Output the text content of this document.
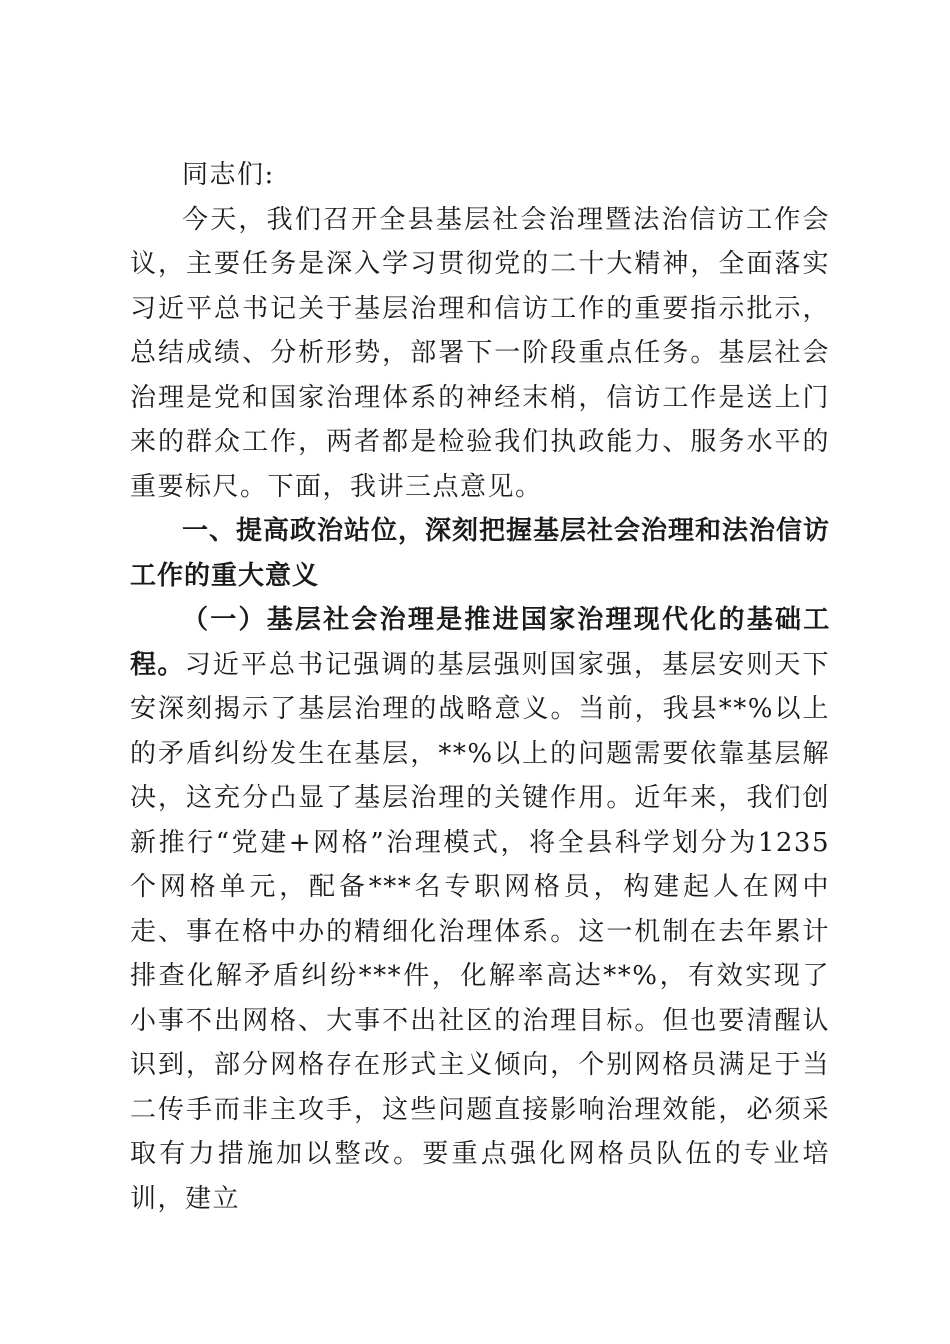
同志们:

今天，我们召开全县基层社会治理暨法治信访工作会议，主要任务是深入学习贯彻党的二十大精神，全面落实习近平总书记关于基层治理和信访工作的重要指示批示，总结成绩、分析形势，部署下一阶段重点任务。基层社会治理是党和国家治理体系的神经末梢，信访工作是送上门来的群众工作，两者都是检验我们执政能力、服务水平的重要标尺。下面，我讲三点意见。

一、提高政治站位，深刻把握基层社会治理和法治信访工作的重大意义

（一）基层社会治理是推进国家治理现代化的基础工程。习近平总书记强调的基层强则国家强，基层安则天下安深刻揭示了基层治理的战略意义。当前，我县**%以上的矛盾纠纷发生在基层，**%以上的问题需要依靠基层解决，这充分凸显了基层治理的关键作用。近年来，我们创新推行“党建+网格”治理模式，将全县科学划分为1235个网格单元，配备***名专职网格员，构建起人在网中走、事在格中办的精细化治理体系。这一机制在去年累计排查化解矛盾纠纷***件，化解率高达**%，有效实现了小事不出网格、大事不出社区的治理目标。但也要清醒认识到，部分网格存在形式主义倾向，个别网格员满足于当二传手而非主攻手，这些问题直接影响治理效能，必须采取有力措施加以整改。要重点强化网格员队伍的专业培训，建立
